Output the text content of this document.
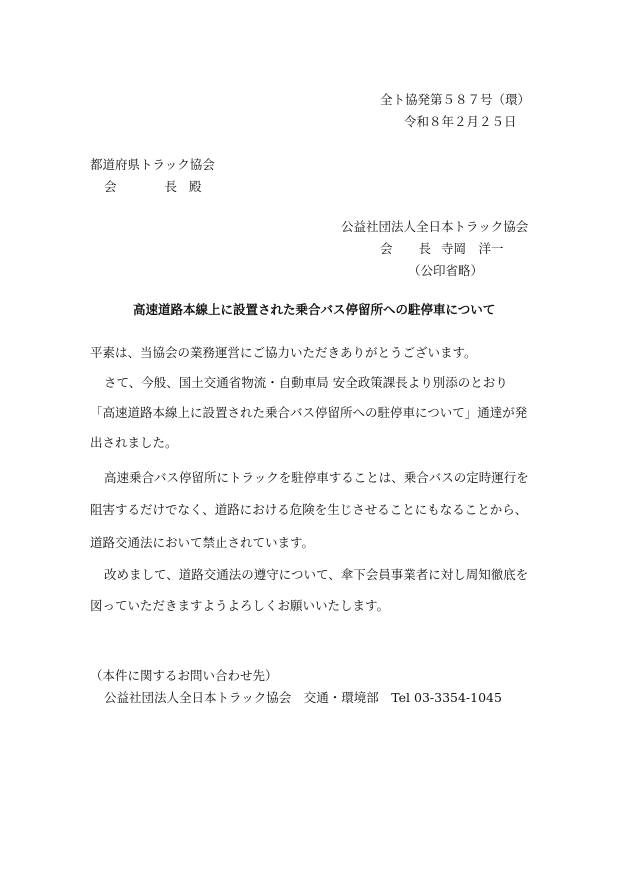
全ト協発第５８７号（環）
令和８年２月２５日
都道府県トラック協会
会	長 殿
公益社団法人全日本トラック協会
会 長 寺岡　洋一
（公印省略）
高速道路本線上に設置された乗合バス停留所への駐停車について
平素は、当協会の業務運営にご協力いただきありがとうございます。
さて、今般、国土交通省物流・自動車局 安全政策課長より別添のとおり
「高速道路本線上に設置された乗合バス停留所への駐停車について」通達が発
出されました。
高速乗合バス停留所にトラックを駐停車することは、乗合バスの定時運行を
阻害するだけでなく、道路における危険を生じさせることにもなることから、
道路交通法において禁止されています。
改めまして、道路交通法の遵守について、傘下会員事業者に対し周知徹底を
図っていただきますようよろしくお願いいたします。
（本件に関するお問い合わせ先）
公益社団法人全日本トラック協会　交通・環境部　Tel 03-3354-1045
